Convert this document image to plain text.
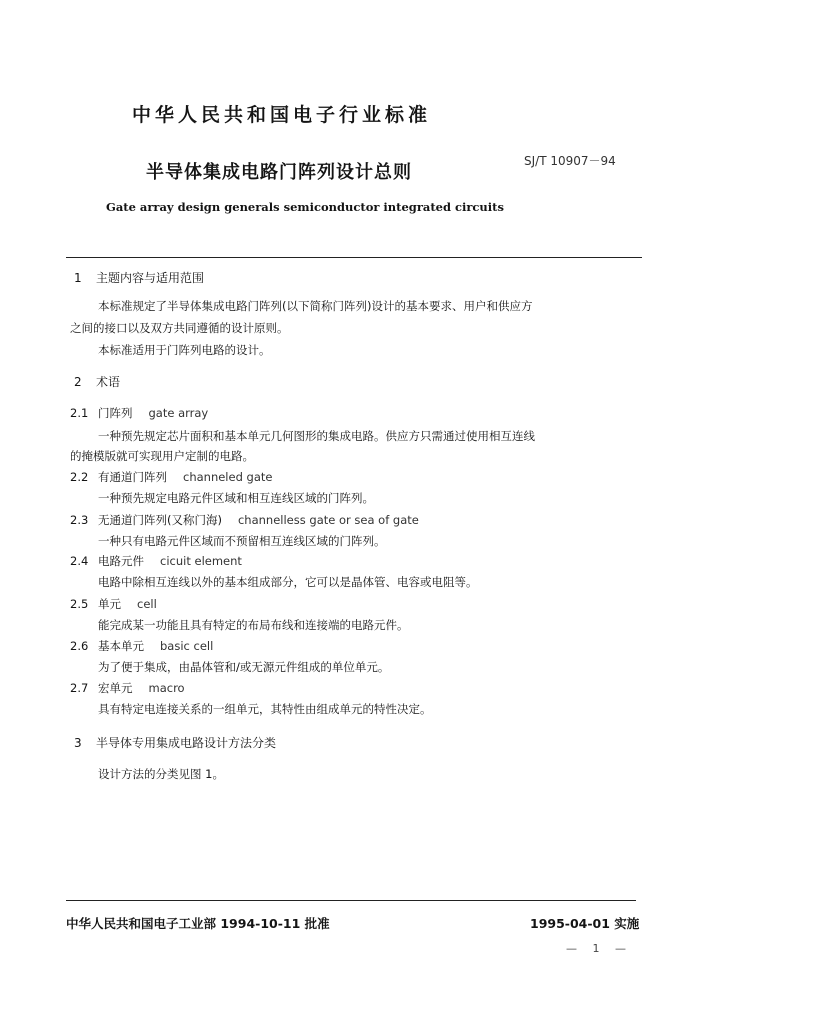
中华人民共和国电子行业标准
半导体集成电路门阵列设计总则
SJ/T 10907－94
Gate array design generals semiconductor integrated circuits
1 主题内容与适用范围
本标准规定了半导体集成电路门阵列(以下简称门阵列)设计的基本要求、用户和供应方
之间的接口以及双方共同遵循的设计原则。
本标准适用于门阵列电路的设计。
2 术语
2.1 门阵列 gate array
一种预先规定芯片面积和基本单元几何图形的集成电路。供应方只需通过使用相互连线
的掩模版就可实现用户定制的电路。
2.2 有通道门阵列 channeled gate
一种预先规定电路元件区域和相互连线区域的门阵列。
2.3 无通道门阵列(又称门海) channelless gate or sea of gate
一种只有电路元件区域而不预留相互连线区域的门阵列。
2.4 电路元件 cicuit element
电路中除相互连线以外的基本组成部分，它可以是晶体管、电容或电阻等。
2.5 单元 cell
能完成某一功能且具有特定的布局布线和连接端的电路元件。
2.6 基本单元 basic cell
为了便于集成，由晶体管和/或无源元件组成的单位单元。
2.7 宏单元 macro
具有特定电连接关系的一组单元，其特性由组成单元的特性决定。
3 半导体专用集成电路设计方法分类
设计方法的分类见图 1。
中华人民共和国电子工业部 1994-10-11 批准	1995-04-01 实施
— 1 —
